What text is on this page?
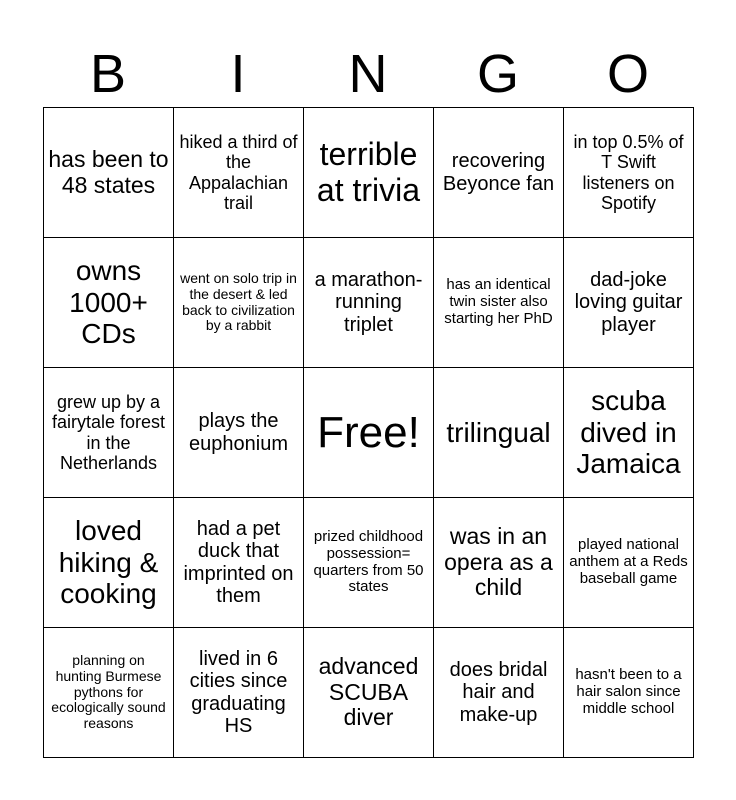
B	I	N	G	O
has been to 48 states	hiked a third of the Appalachian trail	terrible at trivia	recovering Beyonce fan	in top 0.5% of T Swift listeners on Spotify
owns 1000+ CDs	went on solo trip in the desert & led back to civilization by a rabbit	a marathon-running triplet	has an identical twin sister also starting her PhD	dad-joke loving guitar player
grew up by a fairytale forest in the Netherlands	plays the euphonium	Free!	trilingual	scuba dived in Jamaica
loved hiking & cooking	had a pet duck that imprinted on them	prized childhood possession= quarters from 50 states	was in an opera as a child	played national anthem at a Reds baseball game
planning on hunting Burmese pythons for ecologically sound reasons	lived in 6 cities since graduating HS	advanced SCUBA diver	does bridal hair and make-up	hasn't been to a hair salon since middle school
